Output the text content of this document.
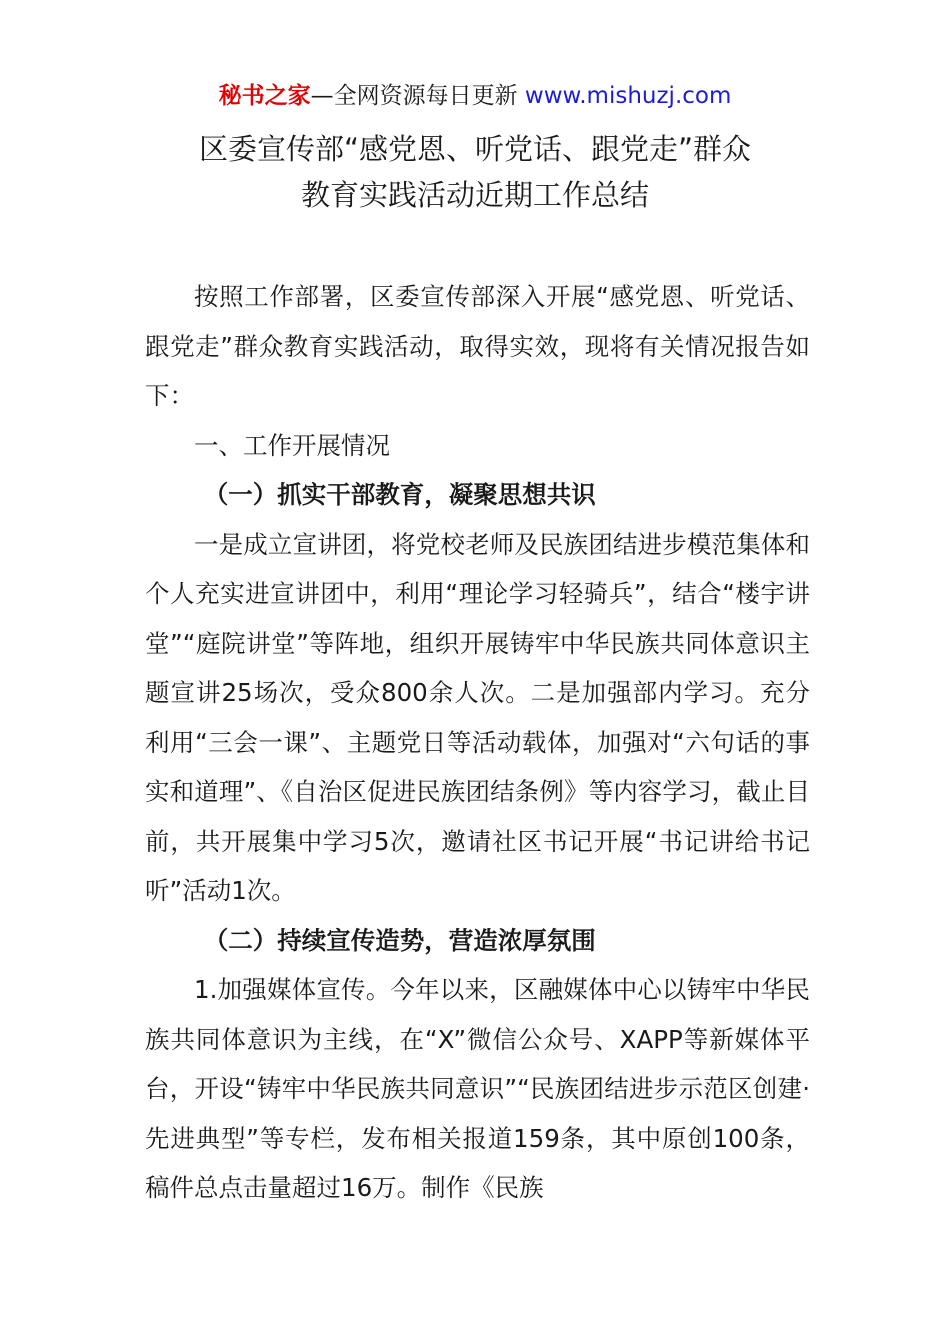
秘书之家—全网资源每日更新 www.mishuzj.com
区委宣传部“感党恩、听党话、跟党走”群众
教育实践活动近期工作总结

按照工作部署，区委宣传部深入开展“感党恩、听党话、跟党走”群众教育实践活动，取得实效，现将有关情况报告如下：

一、工作开展情况

（一）抓实干部教育，凝聚思想共识

一是成立宣讲团，将党校老师及民族团结进步模范集体和个人充实进宣讲团中，利用“理论学习轻骑兵”，结合“楼宇讲堂”“庭院讲堂”等阵地，组织开展铸牢中华民族共同体意识主题宣讲25场次，受众800余人次。二是加强部内学习。充分利用“三会一课”、主题党日等活动载体，加强对“六句话的事实和道理”、《自治区促进民族团结条例》等内容学习，截止目前，共开展集中学习5次，邀请社区书记开展“书记讲给书记听”活动1次。

（二）持续宣传造势，营造浓厚氛围

1.加强媒体宣传。今年以来，区融媒体中心以铸牢中华民族共同体意识为主线，在“X”微信公众号、XAPP等新媒体平台，开设“铸牢中华民族共同意识”“民族团结进步示范区创建·先进典型”等专栏，发布相关报道159条，其中原创100条，稿件总点击量超过16万。制作《民族
